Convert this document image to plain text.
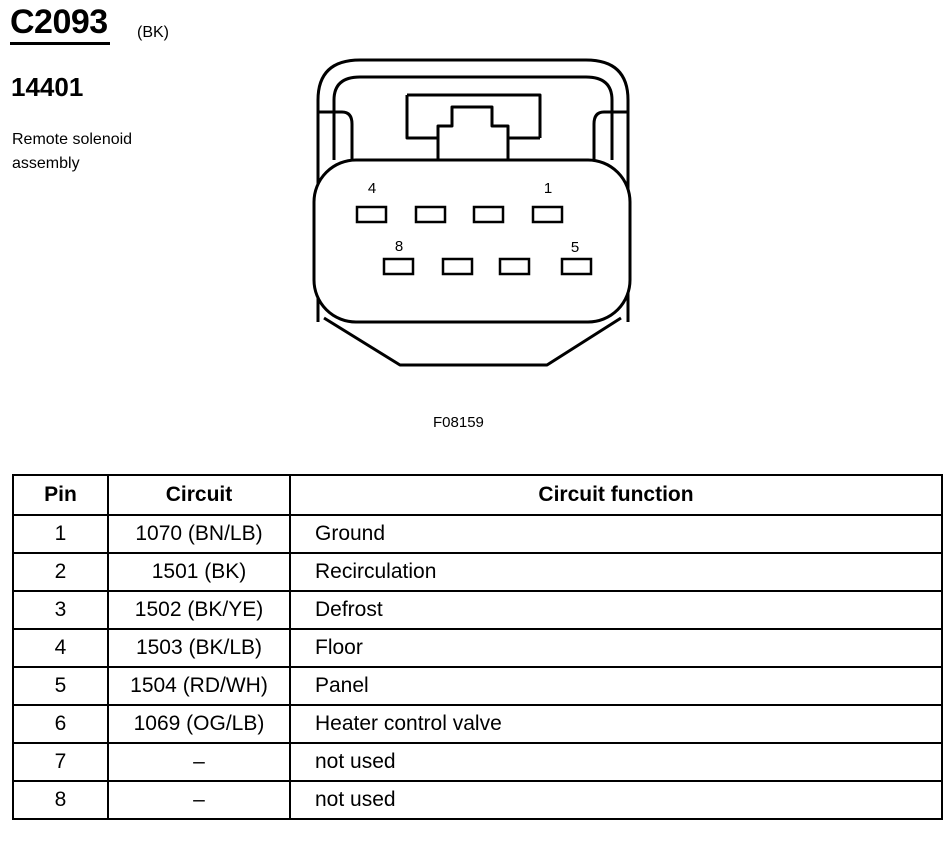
C2093 (BK)
14401
Remote solenoid assembly
4	1
8	5
F08159
Pin	Circuit	Circuit function
1	1070 (BN/LB)	Ground
2	1501 (BK)	Recirculation
3	1502 (BK/YE)	Defrost
4	1503 (BK/LB)	Floor
5	1504 (RD/WH)	Panel
6	1069 (OG/LB)	Heater control valve
7	–	not used
8	–	not used
